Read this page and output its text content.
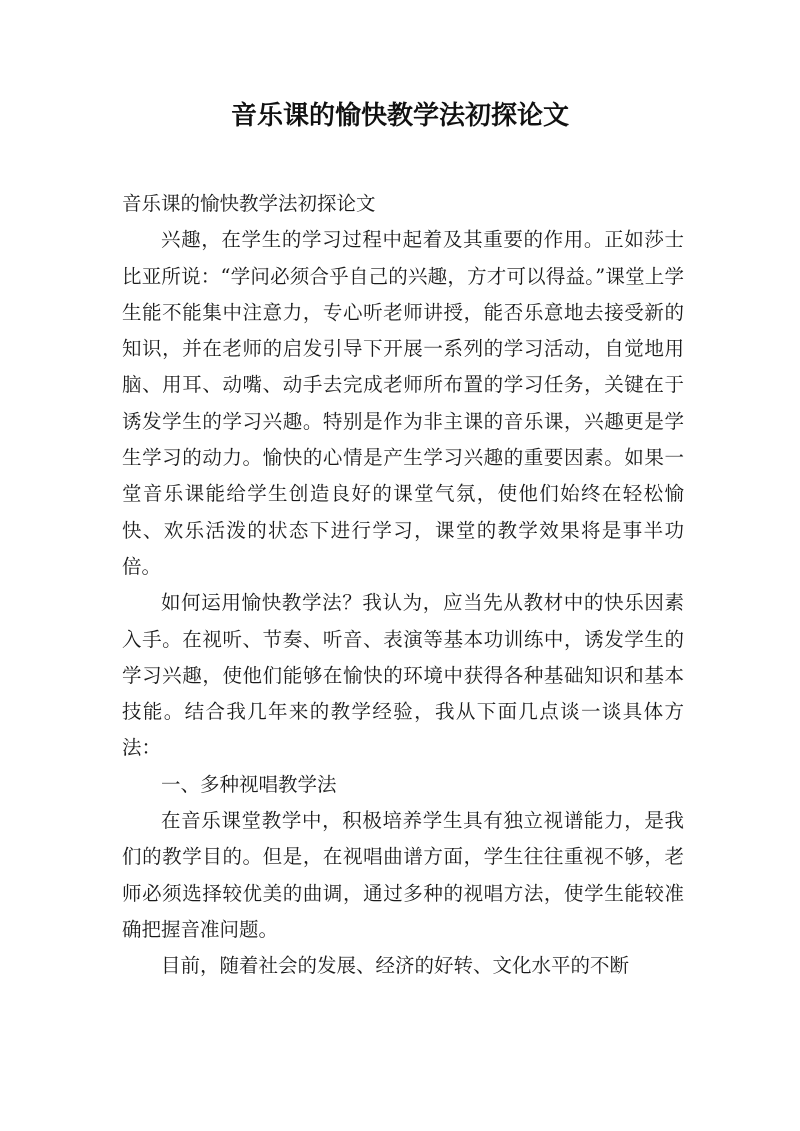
音乐课的愉快教学法初探论文

音乐课的愉快教学法初探论文

兴趣，在学生的学习过程中起着及其重要的作用。正如莎士比亚所说：“学问必须合乎自己的兴趣，方才可以得益。”课堂上学生能不能集中注意力，专心听老师讲授，能否乐意地去接受新的知识，并在老师的启发引导下开展一系列的学习活动，自觉地用脑、用耳、动嘴、动手去完成老师所布置的学习任务，关键在于诱发学生的学习兴趣。特别是作为非主课的音乐课，兴趣更是学生学习的动力。愉快的心情是产生学习兴趣的重要因素。如果一堂音乐课能给学生创造良好的课堂气氛，使他们始终在轻松愉快、欢乐活泼的状态下进行学习，课堂的教学效果将是事半功倍。

如何运用愉快教学法？我认为，应当先从教材中的快乐因素入手。在视听、节奏、听音、表演等基本功训练中，诱发学生的学习兴趣，使他们能够在愉快的环境中获得各种基础知识和基本技能。结合我几年来的教学经验，我从下面几点谈一谈具体方法：

一、多种视唱教学法

在音乐课堂教学中，积极培养学生具有独立视谱能力，是我们的教学目的。但是，在视唱曲谱方面，学生往往重视不够，老师必须选择较优美的曲调，通过多种的视唱方法，使学生能较准确把握音准问题。

目前，随着社会的发展、经济的好转、文化水平的不断
